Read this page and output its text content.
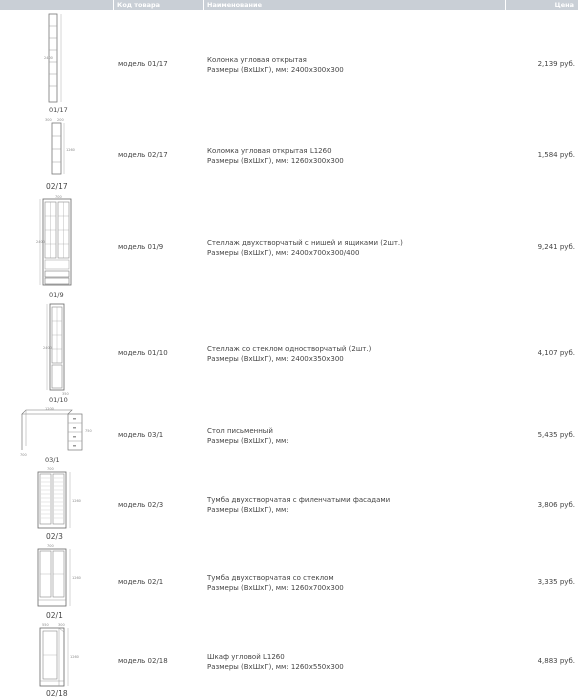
Код товара	Наименование	Цена
2400
01/17
модель 01/17	Колонка угловая открытая
Размеры (ВxШxГ), мм: 2400x300x300
2,139 руб.
300 200
1260
02/17
модель 02/17	Коломка угловая открытая L1260
Размеры (ВxШxГ), мм: 1260x300x300
1,584 руб.
700
2400
01/9
модель 01/9	Стеллаж двухстворчатый с нишей и ящиками (2шт.)
Размеры (ВxШxГ), мм: 2400x700x300/400
9,241 руб.
2400
350
01/10
модель 01/10	Стеллаж со стеклом одностворчатый (2шт.)
Размеры (ВxШxГ), мм: 2400x350x300
4,107 руб.
1200
750
700
03/1
модель 03/1	Стол письменный
Размеры (ВxШxГ), мм:
5,435 руб.
700
1260
02/3
модель 02/3
Тумба двухстворчатая с филенчатыми фасадами
Размеры (ВxШxГ), мм:
3,806 руб.
700
1260
02/1
модель 02/1	Тумба двухстворчатая со стеклом
Размеры (ВxШxГ), мм: 1260x700x300
3,335 руб.
550	300
1260
02/18
модель 02/18	Шкаф угловой L1260
Размеры (ВxШxГ), мм: 1260x550x300
4,883 руб.
